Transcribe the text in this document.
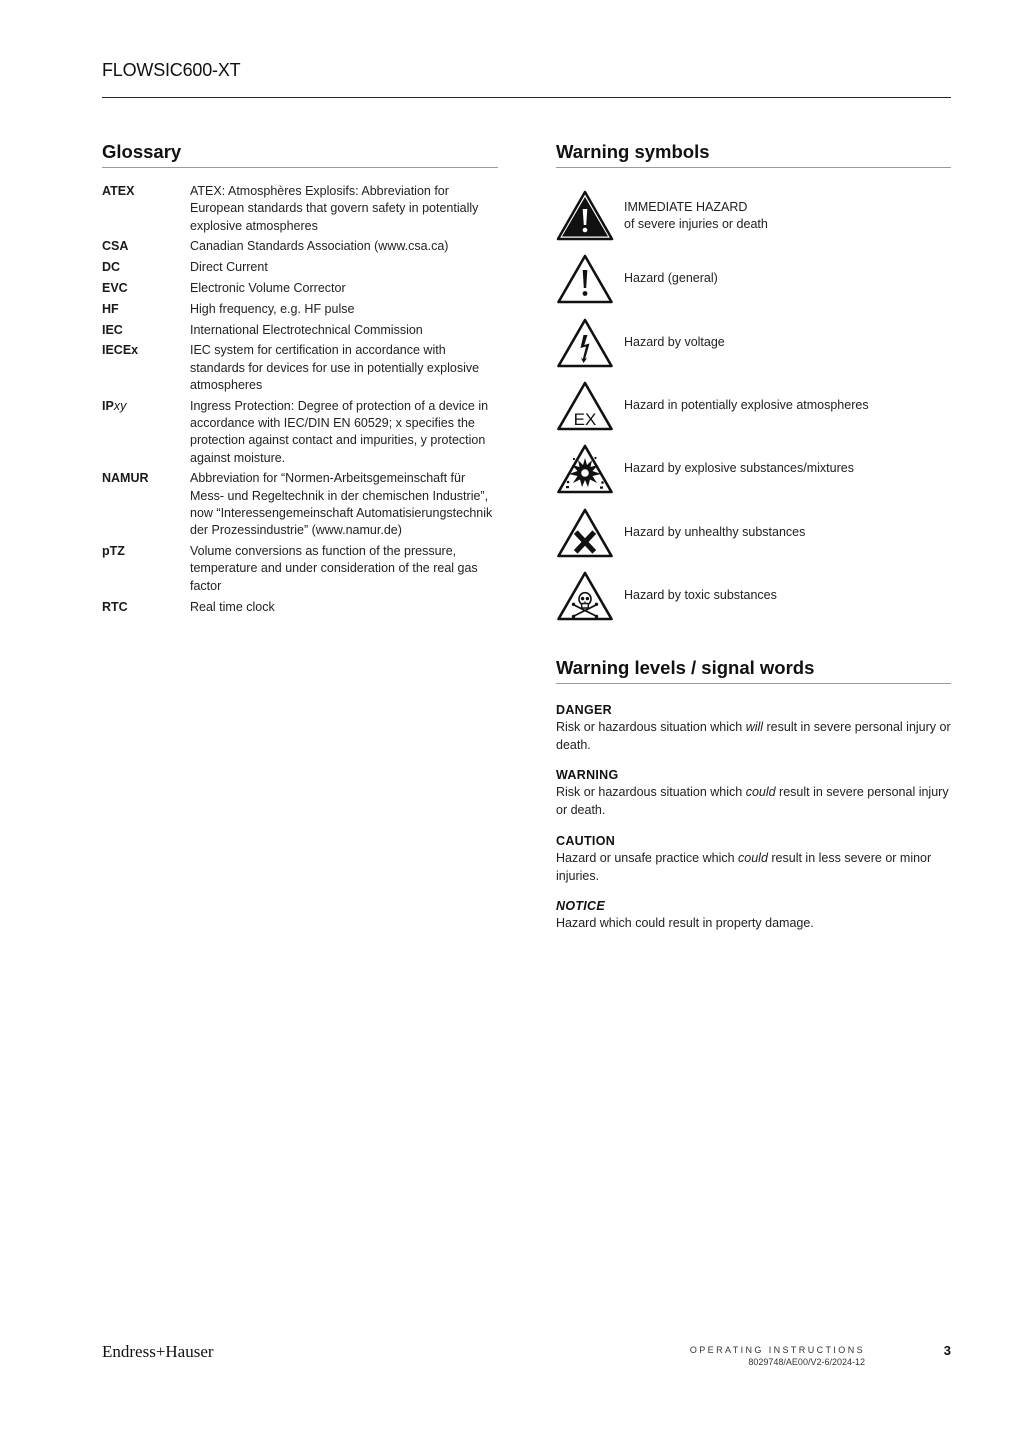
FLOWSIC600-XT
Glossary
ATEX	ATEX: Atmosphères Explosifs: Abbreviation for European standards that govern safety in potentially explosive atmospheres
CSA	Canadian Standards Association (www.csa.ca)
DC	Direct Current
EVC	Electronic Volume Corrector
HF	High frequency, e.g. HF pulse
IEC	International Electrotechnical Commission
IECEx	IEC system for certification in accordance with standards for devices for use in potentially explosive atmospheres
IPxy	Ingress Protection: Degree of protection of a device in accordance with IEC/DIN EN 60529; x specifies the protection against contact and impurities, y protection against moisture.
NAMUR	Abbreviation for “Normen-Arbeitsgemeinschaft für Mess- und Regeltechnik in der chemischen Industrie”, now “Interessengemeinschaft Automatisierungstechnik der Prozessindustrie” (www.namur.de)
pTZ	Volume conversions as function of the pressure, temperature and under consideration of the real gas factor
RTC	Real time clock
Warning symbols
IMMEDIATE HAZARD
of severe injuries or death
Hazard (general)
Hazard by voltage
EX
Hazard in potentially explosive atmospheres
Hazard by explosive substances/mixtures
Hazard by unhealthy substances
Hazard by toxic substances
Warning levels / signal words
DANGER
Risk or hazardous situation which will result in severe personal injury or death.
WARNING
Risk or hazardous situation which could result in severe personal injury or death.
CAUTION
Hazard or unsafe practice which could result in less severe or minor injuries.
NOTICE
Hazard which could result in property damage.
Endress+Hauser	OPERATING INSTRUCTIONS
8029748/AE00/V2-6/2024-12
3
